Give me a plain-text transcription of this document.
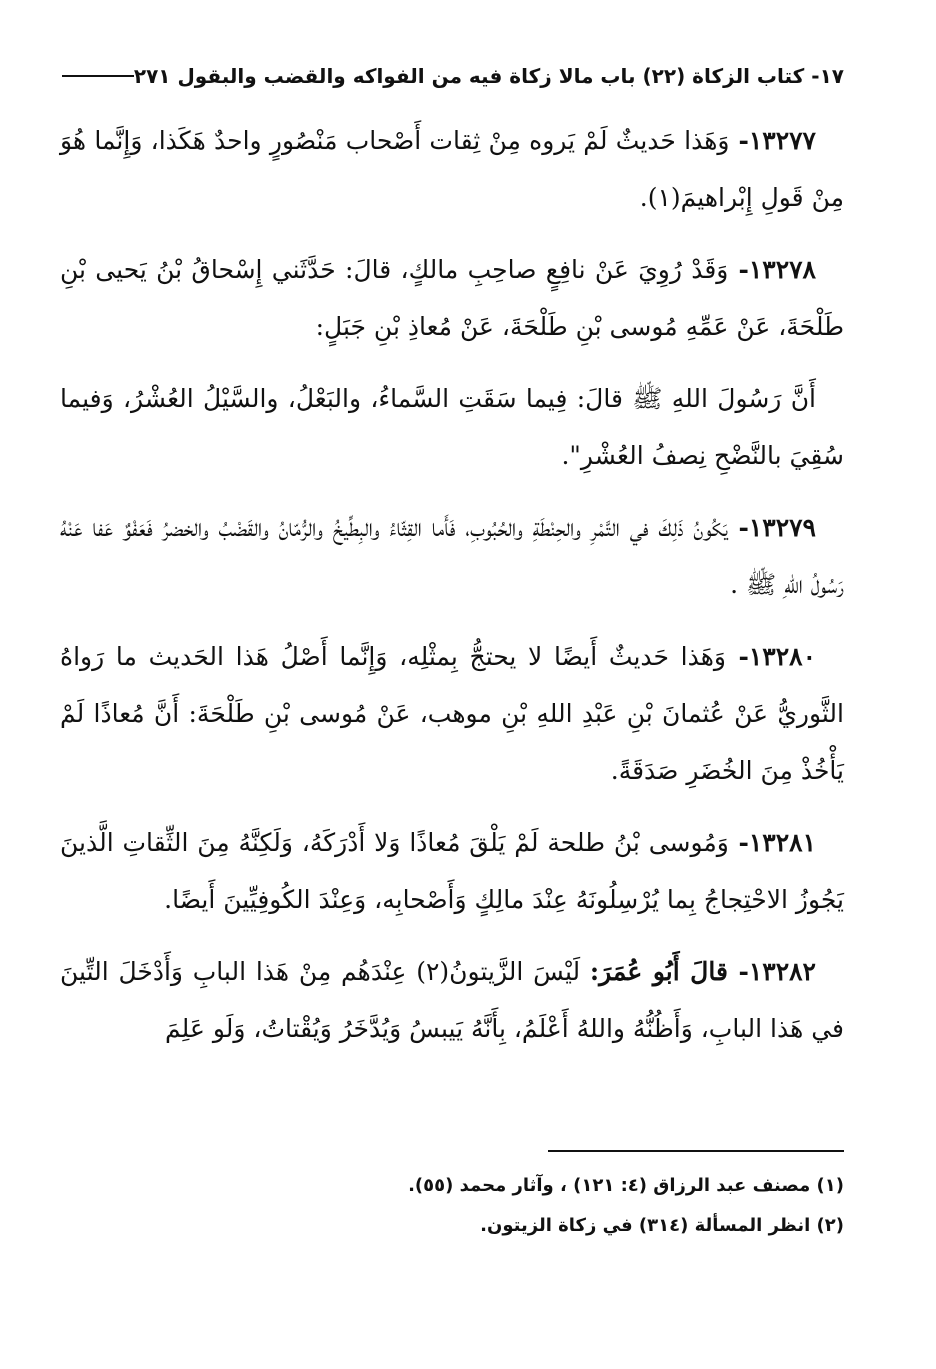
١٧- كتاب الزكاة (٢٢) باب مالا زكاة فيه من الفواكه والقضب والبقول ٢٧١

١٣٢٧٧- وَهَذا حَديثٌ لَمْ يَروه مِنْ ثِقات أَصْحاب مَنْصُورٍ واحدٌ هَكَذا، وَإِنَّما هُوَ مِنْ قَولِ إِبْراهيمَ(١).

١٣٢٧٨- وَقَدْ رُوِيَ عَنْ نافِعٍ صاحِبِ مالكٍ، قالَ: حَدَّثَني إِسْحاقُ بْنُ يَحيى بْنِ طَلْحَةَ، عَنْ عَمِّهِ مُوسى بْنِ طَلْحَةَ، عَنْ مُعاذِ بْنِ جَبَلٍ:

أَنَّ رَسُولَ اللهِ ﷺ قالَ: فِيما سَقَتِ السَّماءُ، والبَعْلُ، والسَّيْلُ العُشْرُ، وَفيما سُقِيَ بالنَّضْحِ نِصفُ العُشْرِ".

١٣٢٧٩- يَكُونُ ذَلِكَ في التَّمْرِ والحِنْطَةِ والحُبُوبِ، فَأَما القِثّاءُ والبِطِّيخُ والرُّمّانُ والقَضْبُ والخضرُ فَعَفْوٌ عَفا عَنْهُ رَسُولُ اللهِ ﷺ .

١٣٢٨٠- وَهَذا حَديثٌ أَيضًا لا يحتجُّ بِمثْلِه، وَإِنَّما أَصْلُ هَذا الحَديث ما رَواهُ الثَّوريُّ عَنْ عُثمانَ بْنِ عَبْدِ اللهِ بْنِ موهب، عَنْ مُوسى بْنِ طَلْحَةَ: أَنَّ مُعاذًا لَمْ يَأْخُذْ مِنَ الخُضَرِ صَدَقَةً.

١٣٢٨١- وَمُوسى بْنُ طلحة لَمْ يَلْقَ مُعاذًا وَلا أَدْرَكَهُ، وَلَكِنَّهُ مِنَ الثِّقاتِ الَّذينَ يَجُوزُ الاحْتِجاجُ بِما يُرْسِلُونَهُ عِنْدَ مالِكٍ وَأَصْحابِه، وَعِنْدَ الكُوفِيِّينَ أَيضًا.

١٣٢٨٢- قالَ أَبُو عُمَرَ: لَيْسَ الزَّيتونُ(٢) عِنْدَهُم مِنْ هَذا البابِ وَأَدْخَلَ التِّينَ في هَذا البابِ، وَأَظُنُّهُ واللهُ أَعْلَمُ، بِأَنَّهُ يَيبسُ وَيُدَّخَرُ وَيُقْتاتُ، وَلَو عَلِمَ

(١) مصنف عبد الرزاق (٤: ١٢١) ، وآثار محمد (٥٥).
(٢) انظر المسألة (٣١٤) في زكاة الزيتون.
